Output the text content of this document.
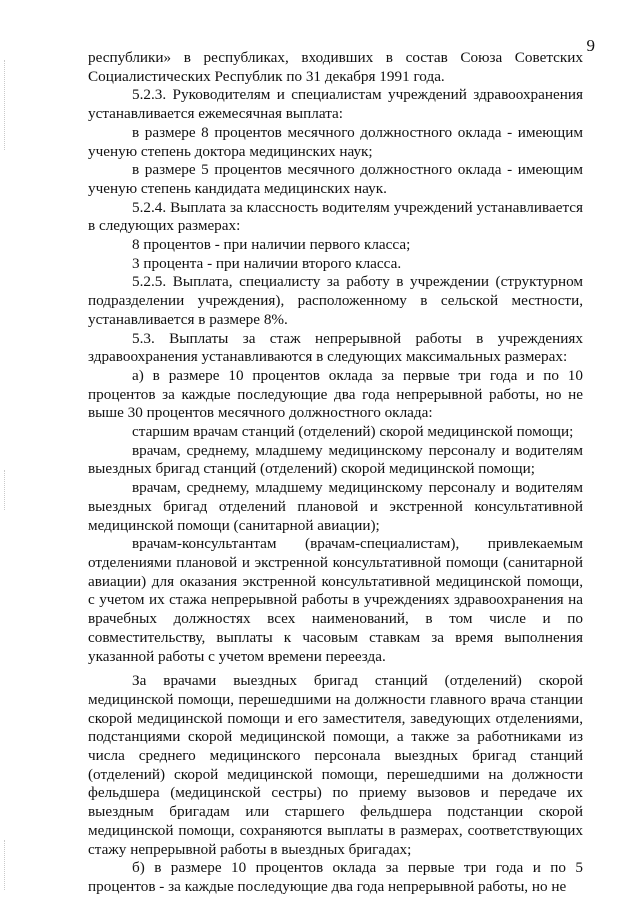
9

республики» в республиках, входивших в состав Союза Советских Социалистических Республик по 31 декабря 1991 года.

5.2.3. Руководителям и специалистам учреждений здравоохранения устанавливается ежемесячная выплата:

в размере 8 процентов месячного должностного оклада - имеющим ученую степень доктора медицинских наук;

в размере 5 процентов месячного должностного оклада - имеющим ученую степень кандидата медицинских наук.

5.2.4. Выплата за классность водителям учреждений устанавливается в следующих размерах:

8 процентов - при наличии первого класса;

3 процента - при наличии второго класса.

5.2.5. Выплата, специалисту за работу в учреждении (структурном подразделении учреждения), расположенному в сельской местности, устанавливается в размере 8%.

5.3. Выплаты за стаж непрерывной работы в учреждениях здравоохранения устанавливаются в следующих максимальных размерах:

а) в размере 10 процентов оклада за первые три года и по 10 процентов за каждые последующие два года непрерывной работы, но не выше 30 процентов месячного должностного оклада:

старшим врачам станций (отделений) скорой медицинской помощи;

врачам, среднему, младшему медицинскому персоналу и водителям выездных бригад станций (отделений) скорой медицинской помощи;

врачам, среднему, младшему медицинскому персоналу и водителям выездных бригад отделений плановой и экстренной консультативной медицинской помощи (санитарной авиации);

врачам-консультантам (врачам-специалистам), привлекаемым отделениями плановой и экстренной консультативной помощи (санитарной авиации) для оказания экстренной консультативной медицинской помощи, с учетом их стажа непрерывной работы в учреждениях здравоохранения на врачебных должностях всех наименований, в том числе и по совместительству, выплаты к часовым ставкам за время выполнения указанной работы с учетом времени переезда.

За врачами выездных бригад станций (отделений) скорой медицинской помощи, перешедшими на должности главного врача станции скорой медицинской помощи и его заместителя, заведующих отделениями, подстанциями скорой медицинской помощи, а также за работниками из числа среднего медицинского персонала выездных бригад станций (отделений) скорой медицинской помощи, перешедшими на должности фельдшера (медицинской сестры) по приему вызовов и передаче их выездным бригадам или старшего фельдшера подстанции скорой медицинской помощи, сохраняются выплаты в размерах, соответствующих стажу непрерывной работы в выездных бригадах;

б) в размере 10 процентов оклада за первые три года и по 5 процентов - за каждые последующие два года непрерывной работы, но не
